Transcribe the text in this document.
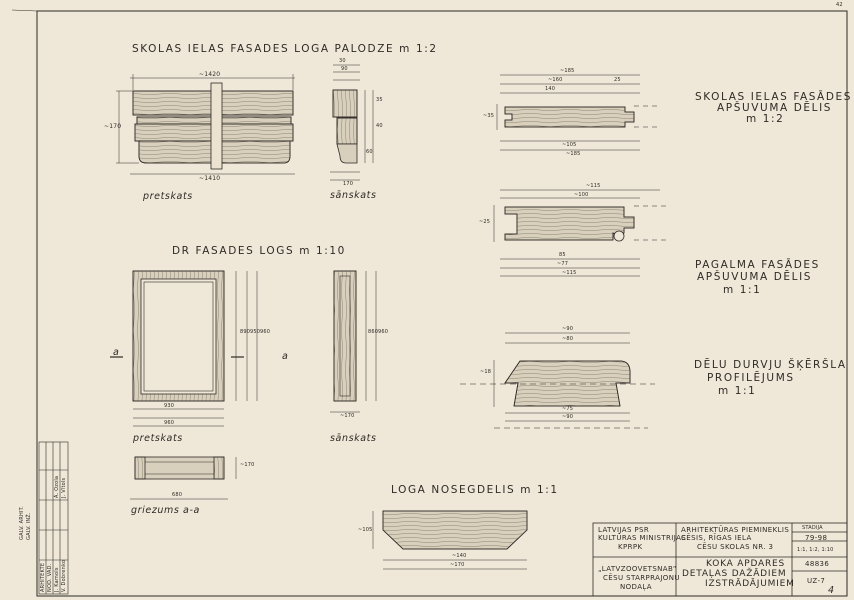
SKOLAS IELAS FASADES LOGA PALODZE m 1:2
DR FASADES LOGS m 1:10
LOGA NOSEGDELIS m 1:1
SKOLAS IELAS FASĀDES
APŠUVUMA DĒLIS
m 1:2
PAGALMA FASĀDES
APŠUVUMA DĒLIS
m 1:1
DĒLU DURVJU ŠĶĒRŠLA
PROFILĒJUMS
m 1:1
pretskats	sānskats
pretskats	sānskats
griezums a-a
a	a
~1420
~1410
~170
30
90
35
40
60
170
~185
~160
140
25
~105
~185
~35
~115
~100
85
~77
~115
~25
890 950 960
930
960
860 960
~170
680
~170
~90
~80
~18
~75
~90
~170
~140
~105	LATVIJAS PSR
KULTŪRAS MINISTRIJAS
KPRPK
„LATVZOOVETSNAB”
CĒSU STARPRAJONU
NODAĻA
ARHITEKTŪRAS PIEMINEKLIS
CĒSIS, RĪGAS IELA
CĒSU SKOLAS NR. 3
KOKA APDARES
DETAĻAS DAŽĀDIEM
IZSTRĀDĀJUMIEM
STADIJA
79-98
1:1, 1:2, 1:10
48836
UZ-7
GALV. ARHIT. GALV. INŽ.
ARHITEKTE NOD. VAD. J. Kamols V. Dobrenko
Ā. Ozola J. Vītols
42
4
